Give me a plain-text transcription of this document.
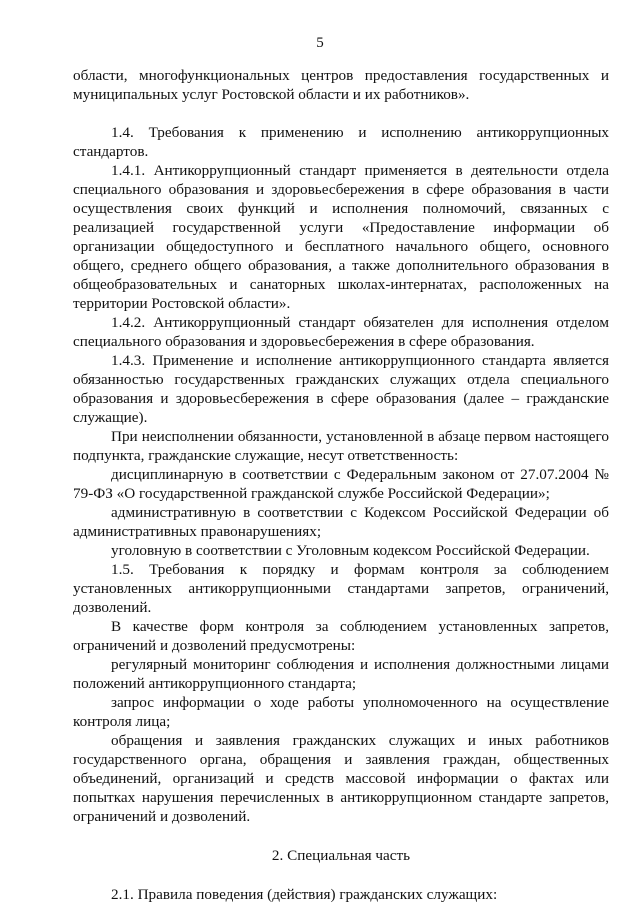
5

области, многофункциональных центров предоставления государственных и муниципальных услуг Ростовской области и их работников».

1.4. Требования к применению и исполнению антикоррупционных стандартов.

1.4.1. Антикоррупционный стандарт применяется в деятельности отдела специального образования и здоровьесбережения в сфере образования в части осуществления своих функций и исполнения полномочий, связанных с реализацией государственной услуги «Предоставление информации об организации общедоступного и бесплатного начального общего, основного общего, среднего общего образования, а также дополнительного образования в общеобразовательных и санаторных школах-интернатах, расположенных на территории Ростовской области».

1.4.2. Антикоррупционный стандарт обязателен для исполнения отделом специального образования и здоровьесбережения в сфере образования.

1.4.3. Применение и исполнение антикоррупционного стандарта является обязанностью государственных гражданских служащих отдела специального образования и здоровьесбережения в сфере образования (далее – гражданские служащие).

При неисполнении обязанности, установленной в абзаце первом настоящего подпункта, гражданские служащие, несут ответственность:

дисциплинарную в соответствии с Федеральным законом от 27.07.2004 № 79-ФЗ «О государственной гражданской службе Российской Федерации»;

административную в соответствии с Кодексом Российской Федерации об административных правонарушениях;

уголовную в соответствии с Уголовным кодексом Российской Федерации.

1.5. Требования к порядку и формам контроля за соблюдением установленных антикоррупционными стандартами запретов, ограничений, дозволений.

В качестве форм контроля за соблюдением установленных запретов, ограничений и дозволений предусмотрены:

регулярный мониторинг соблюдения и исполнения должностными лицами положений антикоррупционного стандарта;

запрос информации о ходе работы уполномоченного на осуществление контроля лица;

обращения и заявления гражданских служащих и иных работников государственного органа, обращения и заявления граждан, общественных объединений, организаций и средств массовой информации о фактах или попытках нарушения перечисленных в антикоррупционном стандарте запретов, ограничений и дозволений.

2. Специальная часть

2.1. Правила поведения (действия) гражданских служащих:
